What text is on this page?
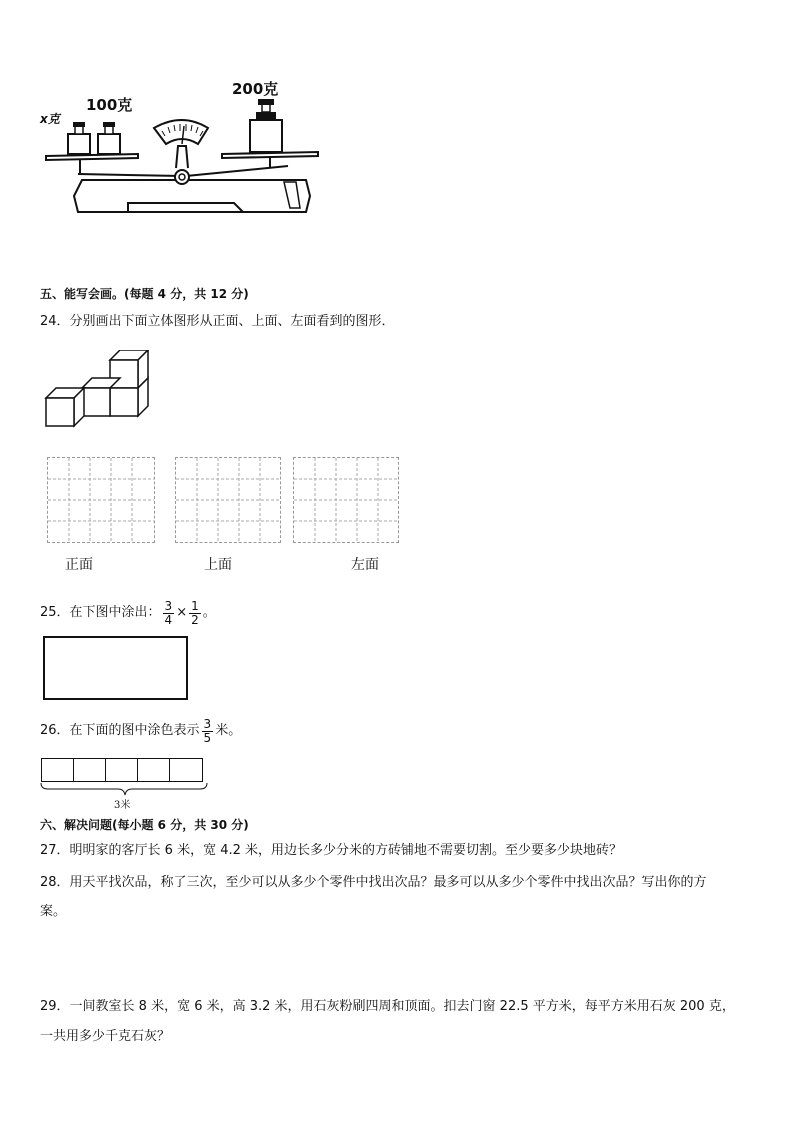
x克
100克
200克
五、能写会画。(每题 4 分，共 12 分)
24．分别画出下面立体图形从正面、上面、左面看到的图形．
正面	上面	左面
25．在下图中涂出： $\frac{3}{4} \times \frac{1}{2}$ 。
26．在下面的图中涂色表示 $\frac{3}{5}$ 米。
3米
六、解决问题(每小题 6 分，共 30 分)
27．明明家的客厅长 6 米，宽 4.2 米，用边长多少分米的方砖铺地不需要切割。至少要多少块地砖？
28．用天平找次品，称了三次，至少可以从多少个零件中找出次品？最多可以从多少个零件中找出次品？写出你的方
案。
29．一间教室长 8 米，宽 6 米，高 3.2 米，用石灰粉刷四周和顶面。扣去门窗 22.5 平方米，每平方米用石灰 200 克，
一共用多少千克石灰？
